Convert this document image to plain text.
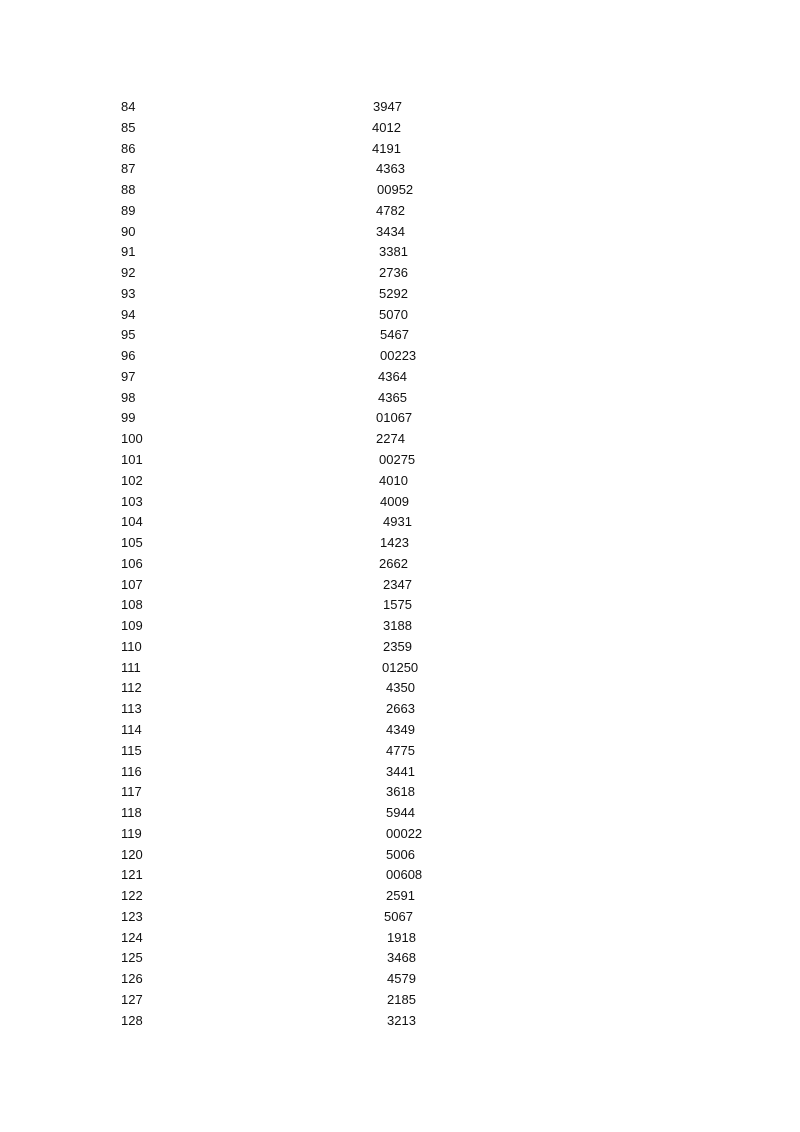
84	3947
85	4012
86	4191
87	4363
88	00952
89	4782
90	3434
91	3381
92	2736
93	5292
94	5070
95	5467
96	00223
97	4364
98	4365
99	01067
100	2274
101	00275
102	4010
103	4009
104	4931
105	1423
106	2662
107	2347
108	1575
109	3188
110	2359
111	01250
112	4350
113	2663
114	4349
115	4775
116	3441
117	3618
118	5944
119	00022
120	5006
121	00608
122	2591
123	5067
124	1918
125	3468
126	4579
127	2185
128	3213
